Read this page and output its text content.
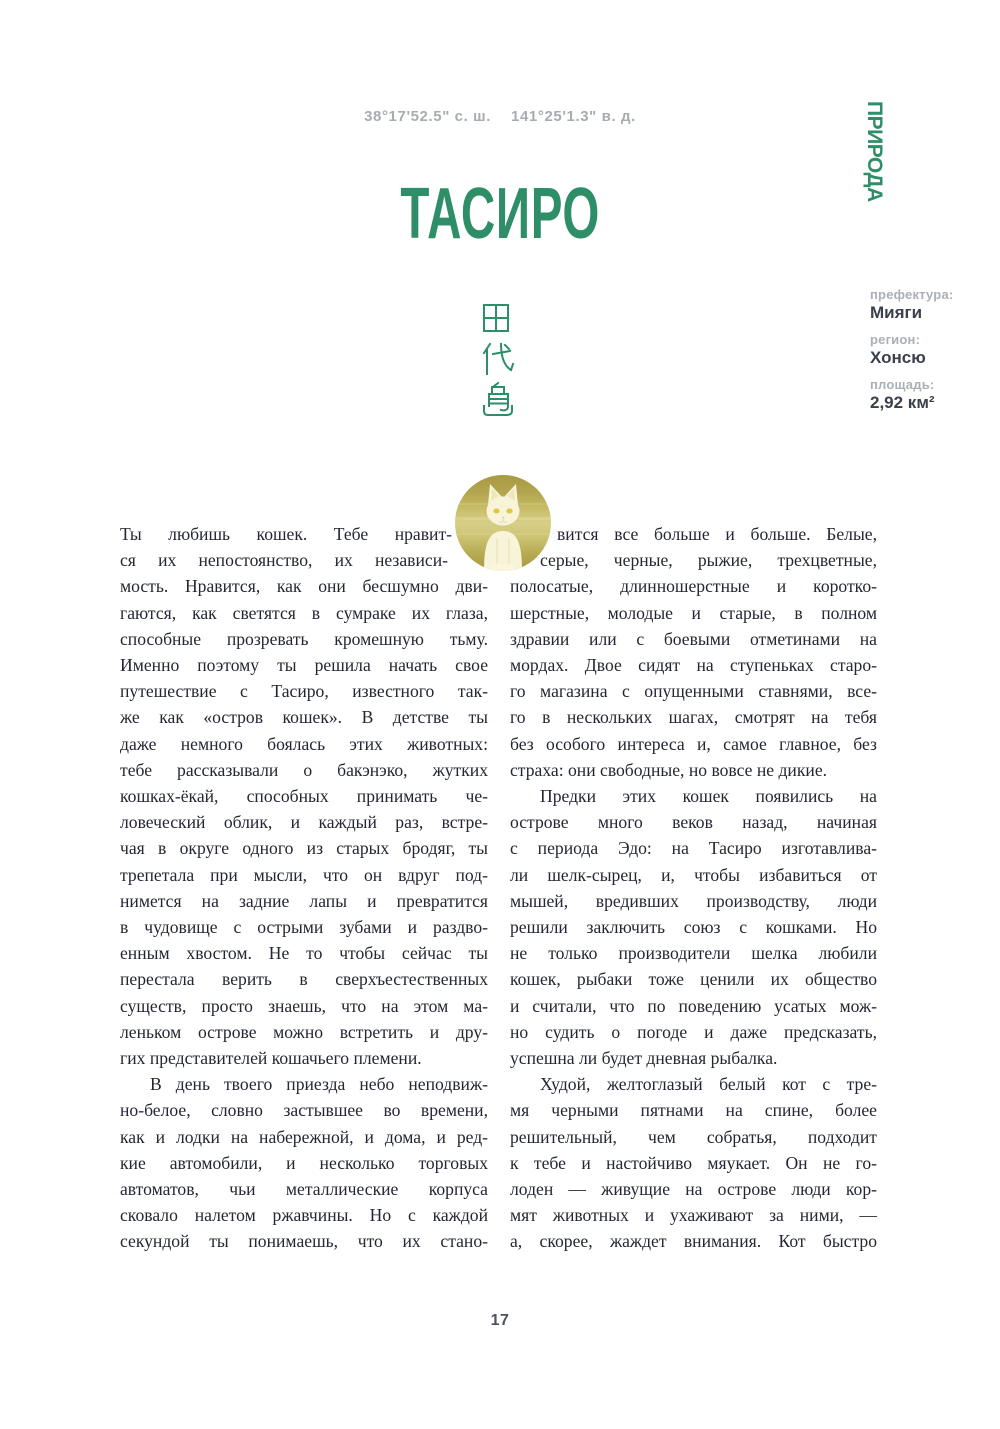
38°17'52.5" с. ш. 141°25'1.3" в. д.	ПРИРОДА
ТАСИРО
префектура:
Мияги
регион:
Хонсю
площадь:
2,92 км²
Ты любишь кошек. Тебе нравит-
ся их непостоянство, их независи-
мость. Нравится, как они бесшумно дви-
гаются, как светятся в сумраке их глаза,
способные прозревать кромешную тьму.
Именно поэтому ты решила начать свое
путешествие с Тасиро, известного так-
же как «остров кошек». В детстве ты
даже немного боялась этих животных:
тебе рассказывали о бакэнэко, жутких
кошках-ёкай, способных принимать че-
ловеческий облик, и каждый раз, встре-
чая в округе одного из старых бродяг, ты
трепетала при мысли, что он вдруг под-
нимется на задние лапы и превратится
в чудовище с острыми зубами и раздво-
енным хвостом. Не то чтобы сейчас ты
перестала верить в сверхъестественных
существ, просто знаешь, что на этом ма-
леньком острове можно встретить и дру-
гих представителей кошачьего племени.
В день твоего приезда небо неподвиж-
но-белое, словно застывшее во времени,
как и лодки на набережной, и дома, и ред-
кие автомобили, и несколько торговых
автоматов, чьи металлические корпуса
сковало налетом ржавчины. Но с каждой
секундой ты понимаешь, что их стано-
вится все больше и больше. Белые,
серые, черные, рыжие, трехцветные,
полосатые, длинношерстные и коротко-
шерстные, молодые и старые, в полном
здравии или с боевыми отметинами на
мордах. Двое сидят на ступеньках старо-
го магазина с опущенными ставнями, все-
го в нескольких шагах, смотрят на тебя
без особого интереса и, самое главное, без
страха: они свободные, но вовсе не дикие.
Предки этих кошек появились на
острове много веков назад, начиная
с периода Эдо: на Тасиро изготавлива-
ли шелк-сырец, и, чтобы избавиться от
мышей, вредивших производству, люди
решили заключить союз с кошками. Но
не только производители шелка любили
кошек, рыбаки тоже ценили их общество
и считали, что по поведению усатых мож-
но судить о погоде и даже предсказать,
успешна ли будет дневная рыбалка.
Худой, желтоглазый белый кот с тре-
мя черными пятнами на спине, более
решительный, чем собратья, подходит
к тебе и настойчиво мяукает. Он не го-
лоден — живущие на острове люди кор-
мят животных и ухаживают за ними, —
а, скорее, жаждет внимания. Кот быстро
17
